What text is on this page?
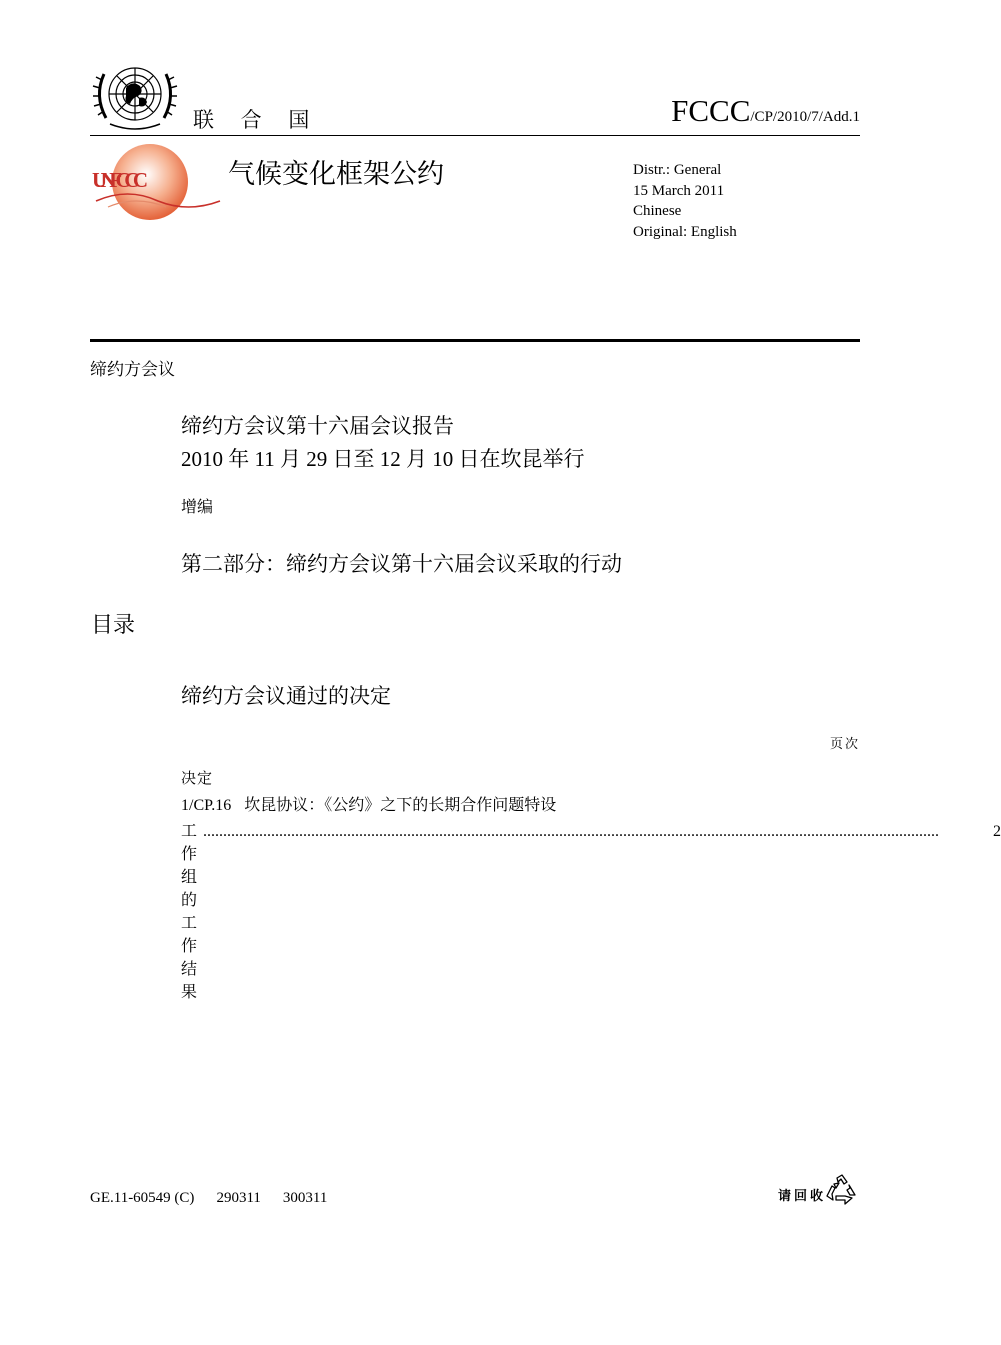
联 合 国	FCCC/CP/2010/7/Add.1
UNFCCC	气候变化框架公约	Distr.: General
15 March 2011
Chinese
Original: English
缔约方会议
缔约方会议第十六届会议报告
2010 年 11 月 29 日至 12 月 10 日在坎昆举行
增编
第二部分：缔约方会议第十六届会议采取的行动
目录
缔约方会议通过的决定
页次
决定
1/CP.16 坎昆协议：《公约》之下的长期合作问题特设
工作组的工作结果
........................................................................................................................................................................................	2
GE.11-60549 (C) 290311 300311	请回收
